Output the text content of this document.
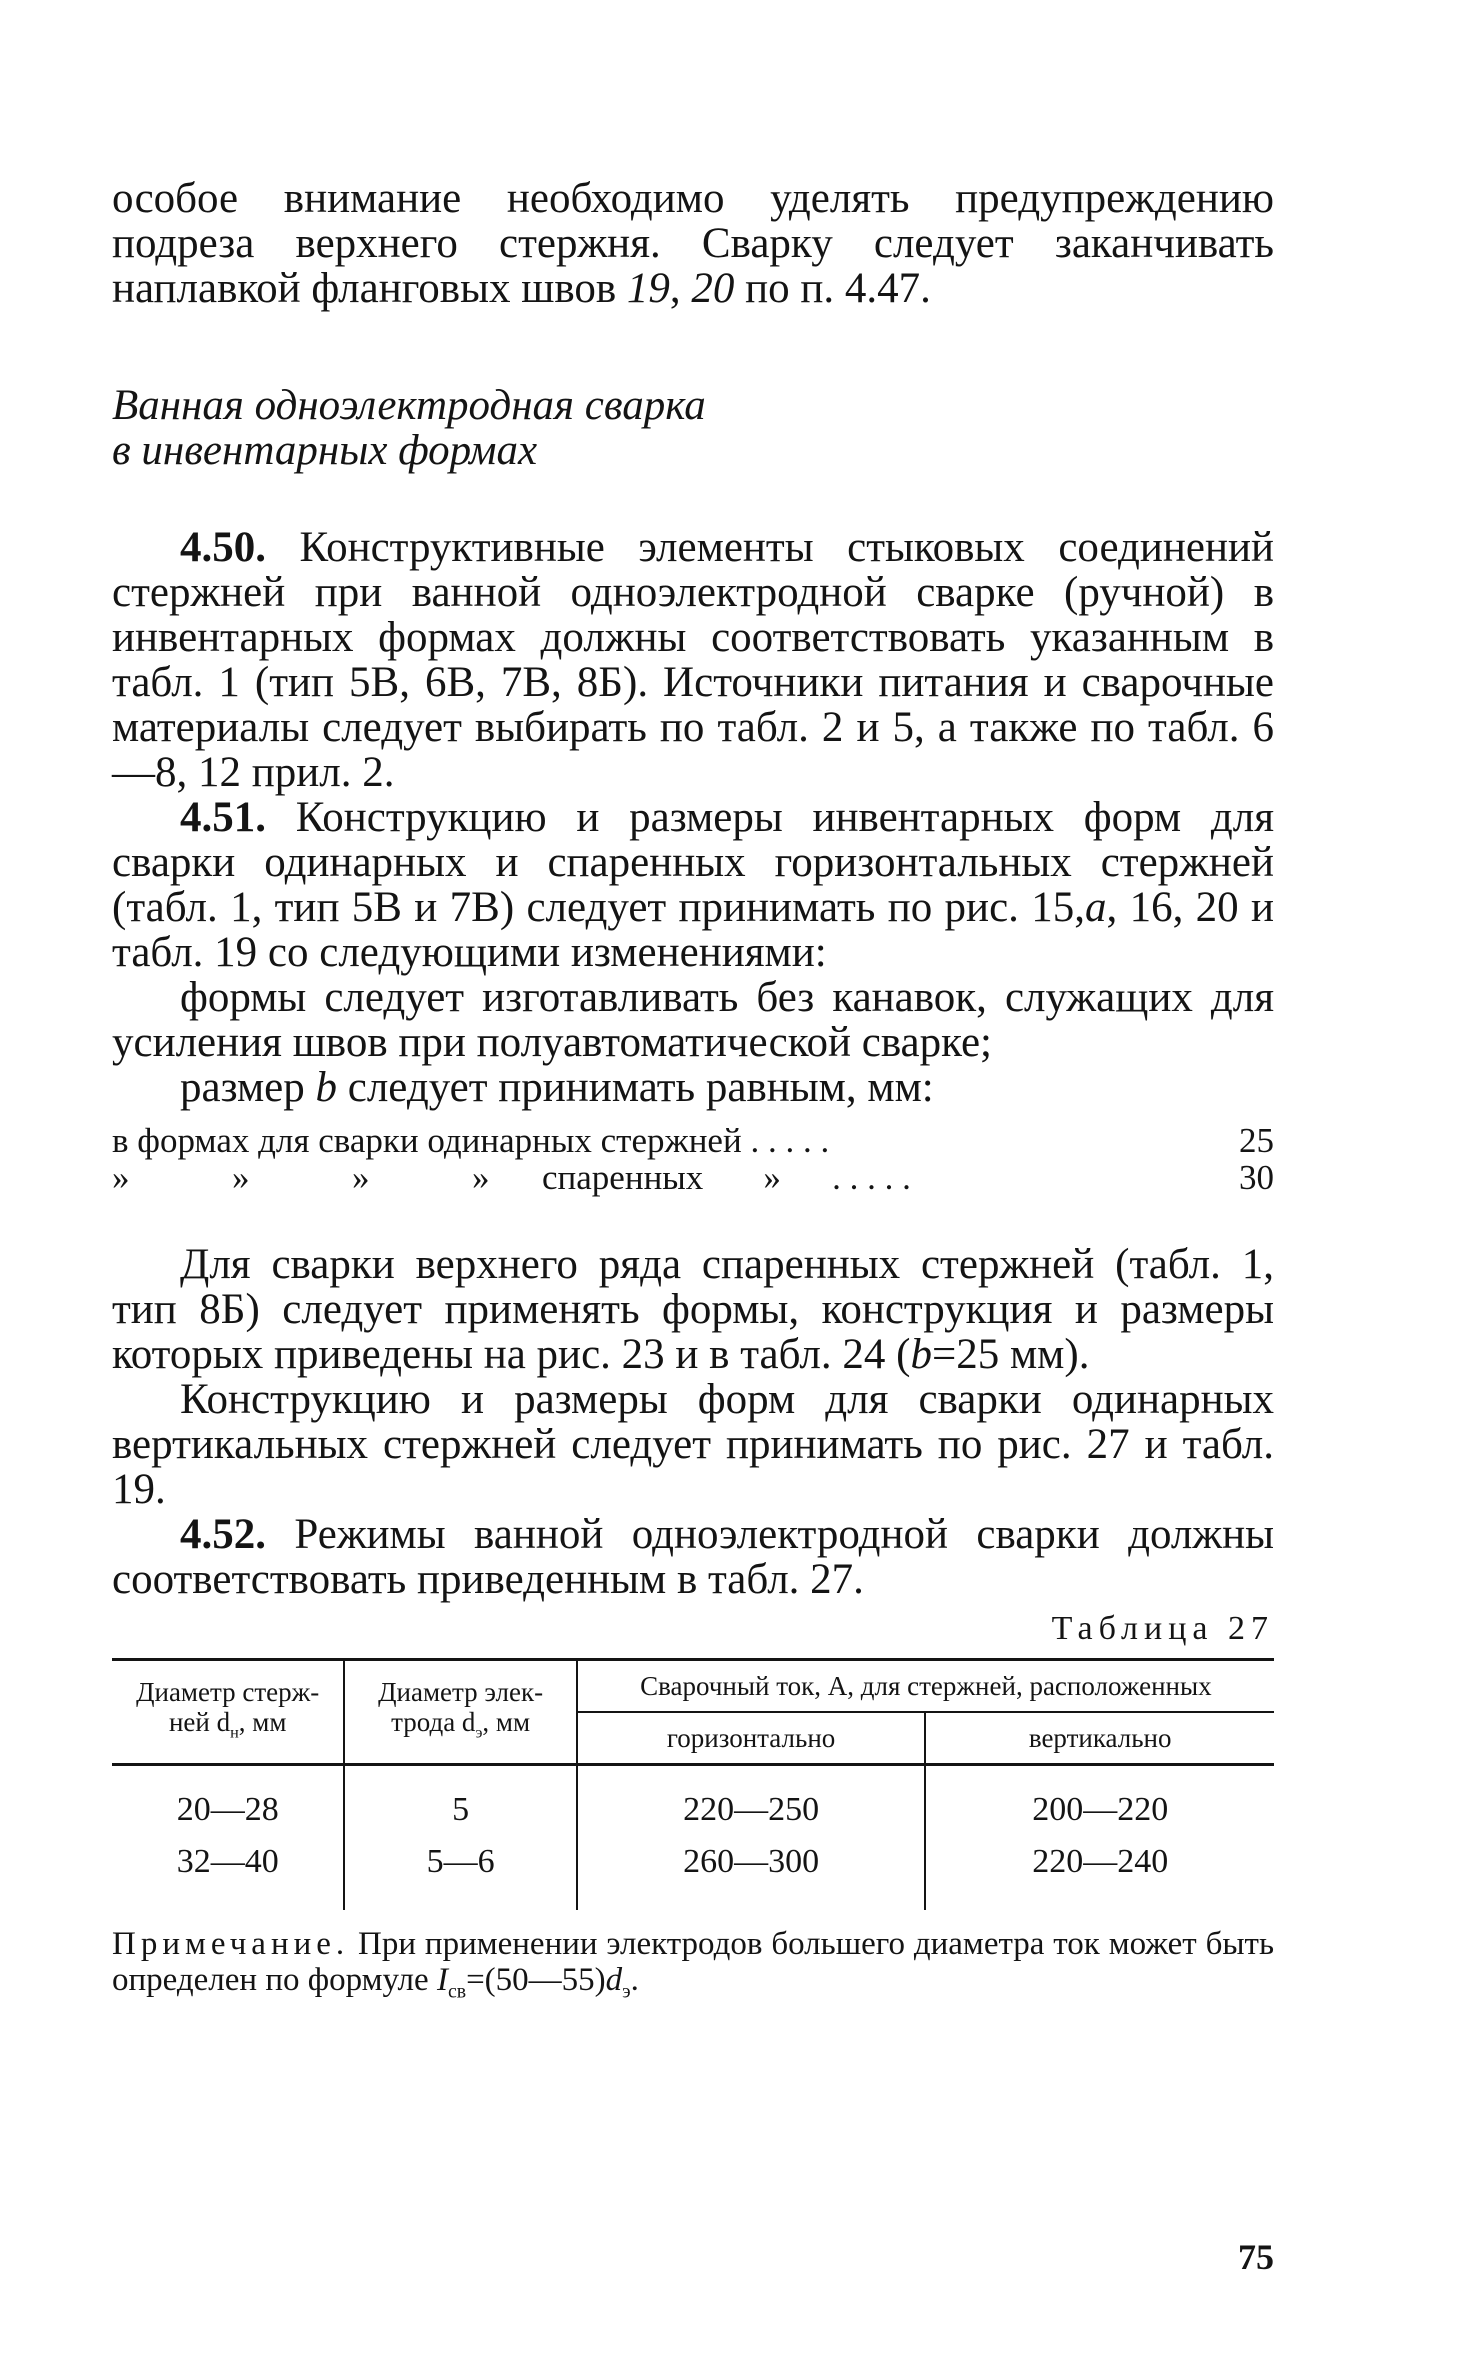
особое внимание необходимо уделять предупреждению подреза верхнего стержня. Сварку следует заканчивать наплавкой фланговых швов 19, 20 по п. 4.47.

Ванная одноэлектродная сварка
в инвентарных формах

4.50. Конструктивные элементы стыковых соединений стержней при ванной одноэлектродной сварке (ручной) в инвентарных формах должны соответствовать указанным в табл. 1 (тип 5В, 6В, 7В, 8Б). Источники питания и сварочные материалы следует выбирать по табл. 2 и 5, а также по табл. 6—8, 12 прил. 2.

4.51. Конструкцию и размеры инвентарных форм для сварки одинарных и спаренных горизонтальных стержней (табл. 1, тип 5В и 7В) следует принимать по рис. 15,а, 16, 20 и табл. 19 со следующими изменениями:

формы следует изготавливать без канавок, служащих для усиления швов при полуавтоматической сварке;

размер b следует принимать равным, мм:

в формах для сварки одинарных стержней . . . . .	25
»	»	»	» спаренных » . . . . .	30

Для сварки верхнего ряда спаренных стержней (табл. 1, тип 8Б) следует применять формы, конструкция и размеры которых приведены на рис. 23 и в табл. 24 (b=25 мм).

Конструкцию и размеры форм для сварки одинарных вертикальных стержней следует принимать по рис. 27 и табл. 19.

4.52. Режимы ванной одноэлектродной сварки должны соответствовать приведенным в табл. 27.

Таблица 27

Диаметр стерж-
ней $d_н$, мм	Диаметр элек-
трода $d_э$, мм	Сварочный ток, А, для стержней, расположенных	
		горизонтально	вертикально
20—28	5	220—250	200—220
32—40	5—6	260—300	220—240

Примечание. При применении электродов большего диаметра ток может быть определен по формуле $I_{св}=(50—55)d_э$.

75
